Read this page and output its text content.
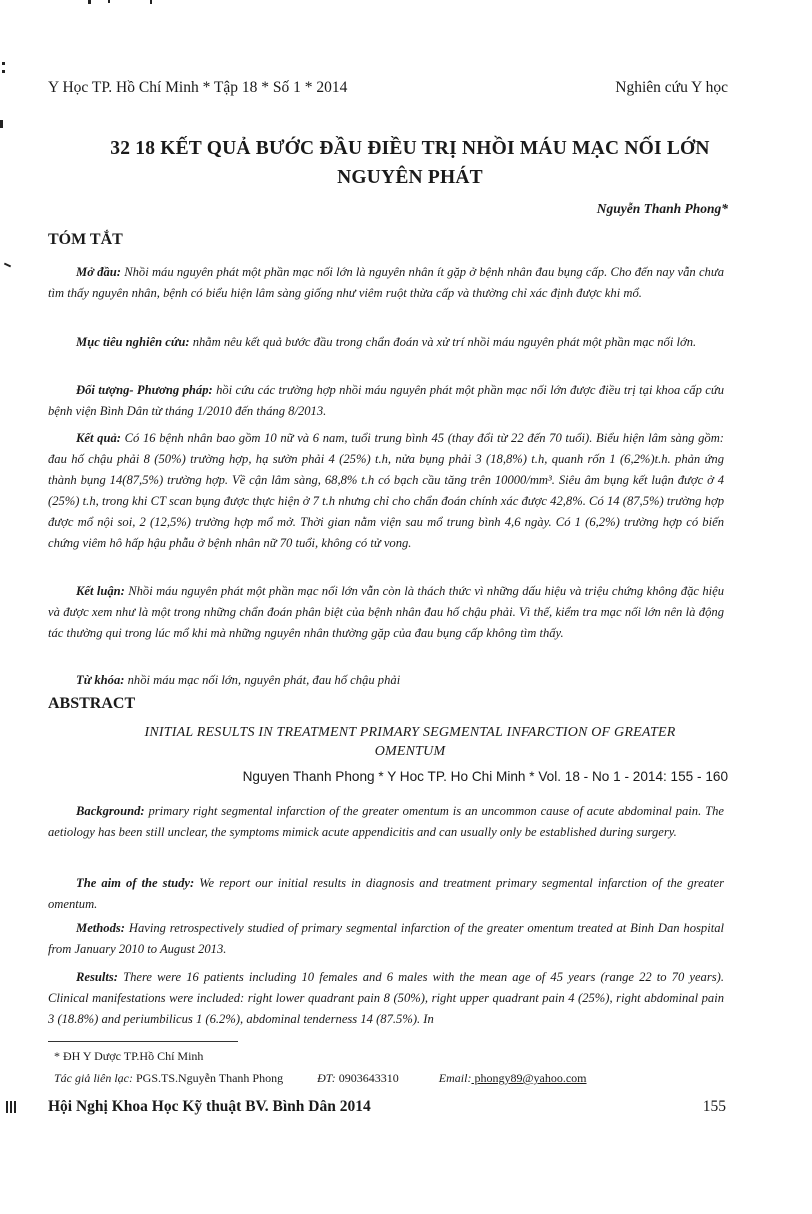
Y Học TP. Hồ Chí Minh * Tập 18 * Số 1 * 2014	Nghiên cứu Y học
32 18 KẾT QUẢ BƯỚC ĐẦU ĐIỀU TRỊ NHỒI MÁU MẠC NỐI LỚN
NGUYÊN PHÁT
Nguyễn Thanh Phong*
TÓM TẮT

Mở đầu: Nhồi máu nguyên phát một phần mạc nối lớn là nguyên nhân ít gặp ở bệnh nhân đau bụng cấp. Cho đến nay vẫn chưa tìm thấy nguyên nhân, bệnh có biểu hiện lâm sàng giống như viêm ruột thừa cấp và thường chỉ xác định được khi mổ.

Mục tiêu nghiên cứu: nhằm nêu kết quả bước đầu trong chẩn đoán và xử trí nhồi máu nguyên phát một phần mạc nối lớn.

Đối tượng- Phương pháp: hồi cứu các trường hợp nhồi máu nguyên phát một phần mạc nối lớn được điều trị tại khoa cấp cứu bệnh viện Bình Dân từ tháng 1/2010 đến tháng 8/2013.

Kết quả: Có 16 bệnh nhân bao gồm 10 nữ và 6 nam, tuổi trung bình 45 (thay đổi từ 22 đến 70 tuổi). Biểu hiện lâm sàng gồm: đau hố chậu phải 8 (50%) trường hợp, hạ sườn phải 4 (25%) t.h, nửa bụng phải 3 (18,8%) t.h, quanh rốn 1 (6,2%)t.h. phản ứng thành bụng 14(87,5%) trường hợp. Về cận lâm sàng, 68,8% t.h có bạch cầu tăng trên 10000/mm³. Siêu âm bụng kết luận được ở 4 (25%) t.h, trong khi CT scan bụng được thực hiện ở 7 t.h nhưng chỉ cho chẩn đoán chính xác được 42,8%. Có 14 (87,5%) trường hợp được mổ nội soi, 2 (12,5%) trường hợp mổ mở. Thời gian nằm viện sau mổ trung bình 4,6 ngày. Có 1 (6,2%) trường hợp có biến chứng viêm hô hấp hậu phẫu ở bệnh nhân nữ 70 tuổi, không có tử vong.

Kết luận: Nhồi máu nguyên phát một phần mạc nối lớn vẫn còn là thách thức vì những dấu hiệu và triệu chứng không đặc hiệu và được xem như là một trong những chẩn đoán phân biệt của bệnh nhân đau hố chậu phải. Vì thế, kiểm tra mạc nối lớn nên là động tác thường qui trong lúc mổ khi mà những nguyên nhân thường gặp của đau bụng cấp không tìm thấy.

Từ khóa: nhồi máu mạc nối lớn, nguyên phát, đau hố chậu phải

ABSTRACT
INITIAL RESULTS IN TREATMENT PRIMARY SEGMENTAL INFARCTION OF GREATER
OMENTUM
Nguyen Thanh Phong * Y Hoc TP. Ho Chi Minh * Vol. 18 - No 1 - 2014: 155 - 160

Background: primary right segmental infarction of the greater omentum is an uncommon cause of acute abdominal pain. The aetiology has been still unclear, the symptoms mimick acute appendicitis and can usually only be established during surgery.

The aim of the study: We report our initial results in diagnosis and treatment primary segmental infarction of the greater omentum.

Methods: Having retrospectively studied of primary segmental infarction of the greater omentum treated at Binh Dan hospital from January 2010 to August 2013.

Results: There were 16 patients including 10 females and 6 males with the mean age of 45 years (range 22 to 70 years). Clinical manifestations were included: right lower quadrant pain 8 (50%), right upper quadrant pain 4 (25%), right abdominal pain 3 (18.8%) and periumbilicus 1 (6.2%), abdominal tenderness 14 (87.5%). In

* ĐH Y Dược TP.Hồ Chí Minh
Tác giả liên lạc: PGS.TS.Nguyễn Thanh Phong	ĐT: 0903643310	Email: phongy89@yahoo.com
Hội Nghị Khoa Học Kỹ thuật BV. Bình Dân 2014	155
